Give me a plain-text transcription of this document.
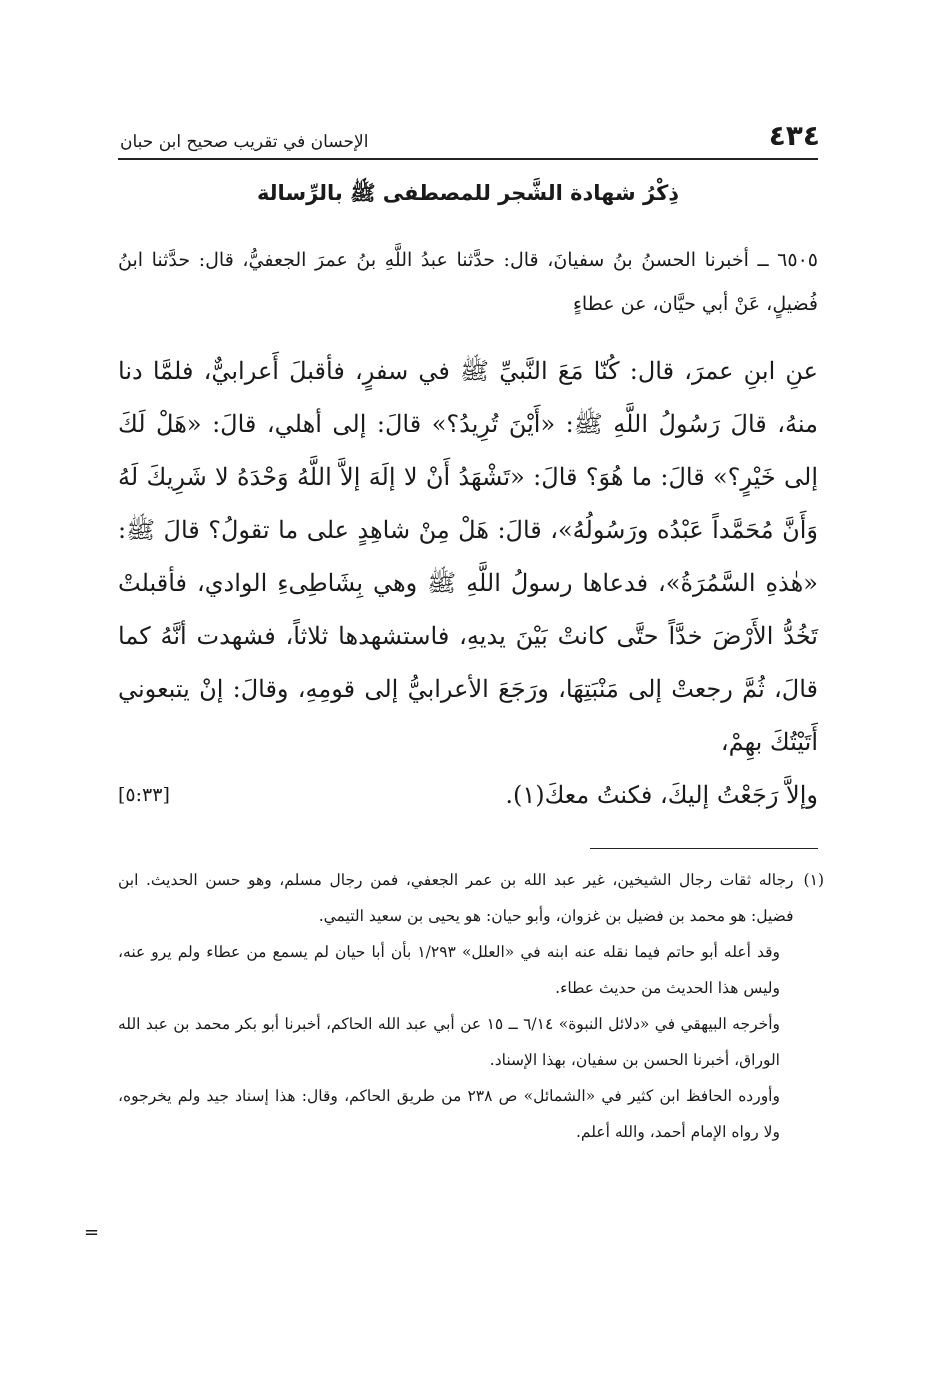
٤٣٤
الإحسان في تقريب صحيح ابن حبان
ذِكْرُ شهادة الشَّجر للمصطفى ﷺ بالرِّسالة

٦٥٠٥ ــ أخبرنا الحسنُ بنُ سفيانَ، قال: حدَّثنا عبدُ اللَّهِ بنُ عمرَ الجعفيُّ، قال: حدَّثنا ابنُ فُضيلٍ، عَنْ أبي حيَّان، عن عطاءٍ

عنِ ابنِ عمرَ، قال: كُنّا مَعَ النَّبيِّ ﷺ في سفرٍ، فأقبلَ أَعرابيٌّ، فلمَّا دنا منهُ، قالَ رَسُولُ اللَّهِ ﷺ: «أَيْنَ تُرِيدُ؟» قالَ: إلى أهلي، قالَ: «هَلْ لَكَ إلى خَيْرٍ؟» قالَ: ما هُوَ؟ قالَ: «تَشْهَدُ أَنْ لا إلَهَ إلاَّ اللَّهُ وَحْدَهُ لا شَرِيكَ لَهُ وَأَنَّ مُحَمَّداً عَبْدُه ورَسُولُهُ»، قالَ: هَلْ مِنْ شاهِدٍ على ما تقولُ؟ قالَ ﷺ: «هٰذهِ السَّمُرَةُ»، فدعاها رسولُ اللَّهِ ﷺ وهي بِشَاطِىءِ الوادي، فأقبلتْ تَخُدُّ الأَرْضَ خدَّاً حتَّى كانتْ بَيْنَ يديهِ، فاستشهدها ثلاثاً، فشهدت أنَّهُ كما قالَ، ثُمَّ رجعتْ إلى مَنْبَتِهَا، ورَجَعَ الأعرابيُّ إلى قومِهِ، وقالَ: إنْ يتبعوني أَتَيْتُكَ بهِمْ،

وإلاَّ رَجَعْتُ إليكَ، فكنتُ معكَ(١).
[٥:٣٣]
(١)

رجاله ثقات رجال الشيخين، غير عبد الله بن عمر الجعفي، فمن رجال مسلم، وهو حسن الحديث. ابن فضيل: هو محمد بن فضيل بن غزوان، وأبو حيان: هو يحيى بن سعيد التيمي.

وقد أعله أبو حاتم فيما نقله عنه ابنه في «العلل» ١/٢٩٣ بأن أبا حيان لم يسمع من عطاء ولم يرو عنه، وليس هذا الحديث من حديث عطاء.

وأخرجه البيهقي في «دلائل النبوة» ٦/١٤ ــ ١٥ عن أبي عبد الله الحاكم، أخبرنا أبو بكر محمد بن عبد الله الوراق، أخبرنا الحسن بن سفيان، بهذا الإسناد.

وأورده الحافظ ابن كثير في «الشمائل» ص ٢٣٨ من طريق الحاكم، وقال: هذا إسناد جيد ولم يخرجوه، ولا رواه الإمام أحمد، والله أعلم.

=
